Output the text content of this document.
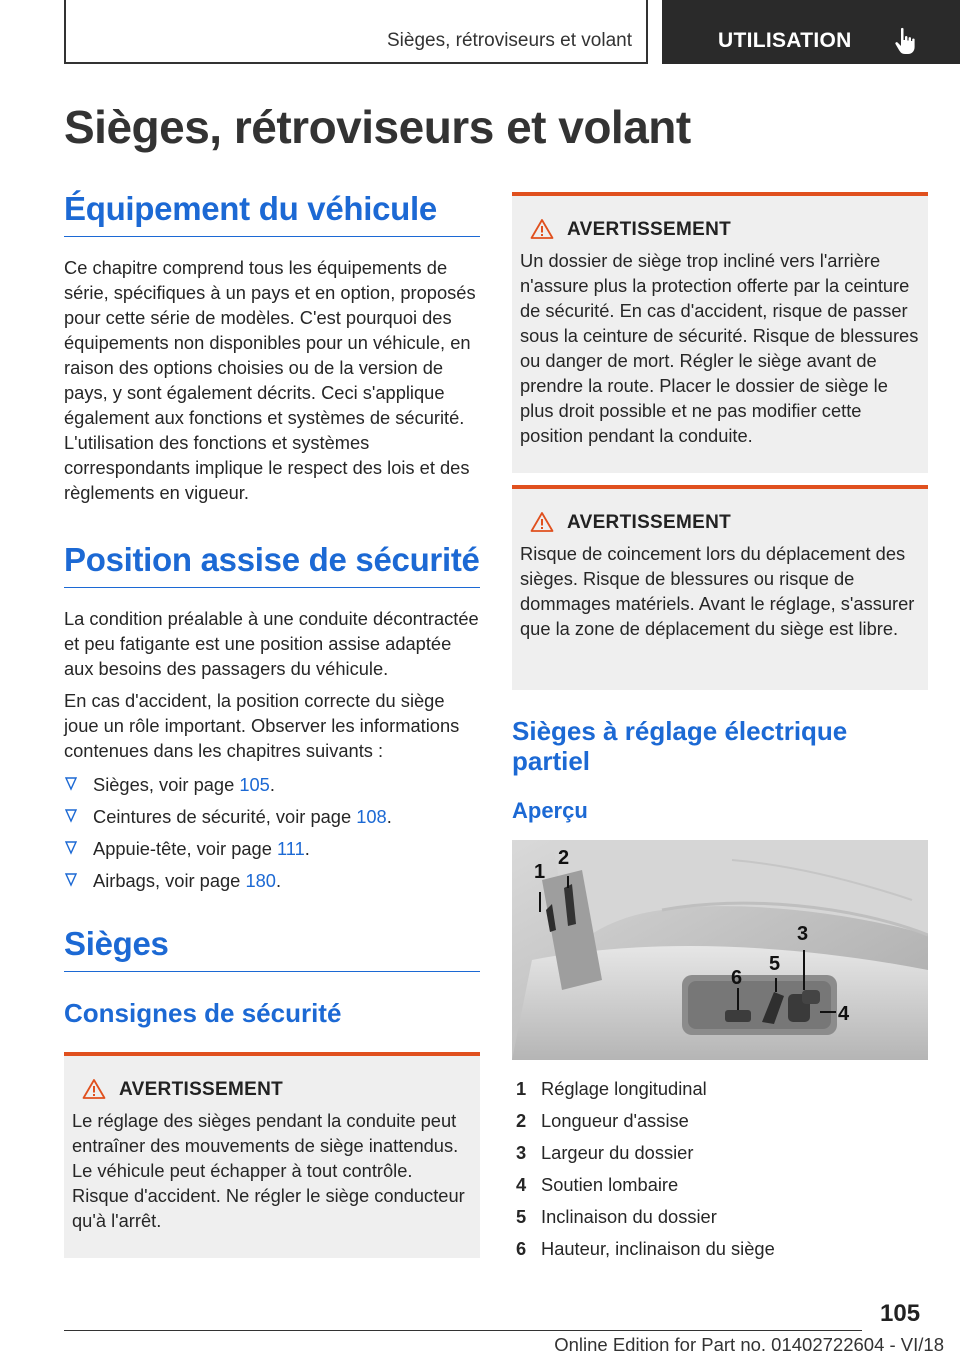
Sièges, rétroviseurs et volant	UTILISATION
Sièges, rétroviseurs et volant
Équipement du véhicule

Ce chapitre comprend tous les équipements de série, spécifiques à un pays et en option, proposés pour cette série de modèles. C'est pourquoi des équipements non disponibles pour un véhicule, en raison des options choisies ou de la version de pays, y sont également décrits. Ceci s'applique également aux fonctions et systèmes de sécurité. L'utilisation des fonctions et systèmes correspondants implique le respect des lois et des règlements en vigueur.

Position assise de sécurité

La condition préalable à une conduite décontractée et peu fatigante est une position assise adaptée aux besoins des passagers du véhicule.

En cas d'accident, la position correcte du siège joue un rôle important. Observer les informations contenues dans les chapitres suivants :

Sièges, voir page 105.
Ceintures de sécurité, voir page 108.
Appuie-tête, voir page 111.
Airbags, voir page 180.
Sièges
Consignes de sécurité
AVERTISSEMENT

Le réglage des sièges pendant la conduite peut entraîner des mouvements de siège inattendus. Le véhicule peut échapper à tout contrôle. Risque d'accident. Ne régler le siège conducteur qu'à l'arrêt.

AVERTISSEMENT

Un dossier de siège trop incliné vers l'arrière n'assure plus la protection offerte par la ceinture de sécurité. En cas d'accident, risque de passer sous la ceinture de sécurité. Risque de blessures ou danger de mort. Régler le siège avant de prendre la route. Placer le dossier de siège le plus droit possible et ne pas modifier cette position pendant la conduite.

AVERTISSEMENT

Risque de coincement lors du déplacement des sièges. Risque de blessures ou risque de dommages matériels. Avant le réglage, s'assurer que la zone de déplacement du siège est libre.

Sièges à réglage électrique partiel
Aperçu
1
2
3
4
5
6
1 Réglage longitudinal
2 Longueur d'assise
3 Largeur du dossier
4 Soutien lombaire
5 Inclinaison du dossier
6 Hauteur, inclinaison du siège
105
Online Edition for Part no. 01402722604 - VI/18
